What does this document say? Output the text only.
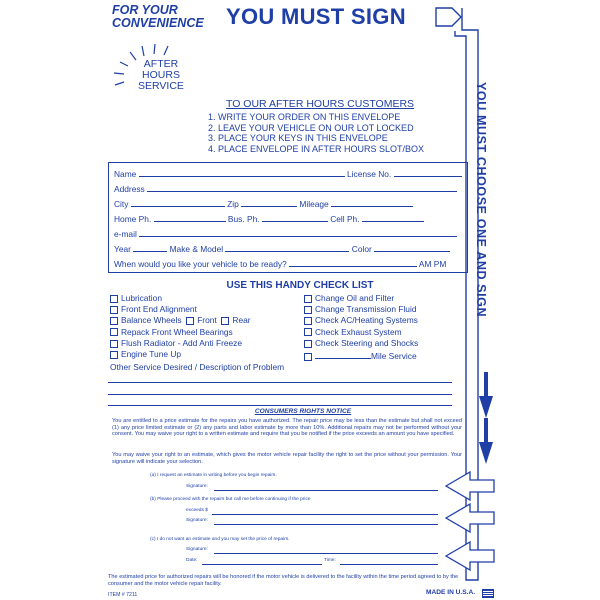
FOR YOUR
CONVENIENCE	YOU MUST SIGN
AFTER
HOURS
SERVICE
TO OUR AFTER HOURS CUSTOMERS
1. WRITE YOUR ORDER ON THIS ENVELOPE
2. LEAVE YOUR VEHICLE ON OUR LOT LOCKED
3. PLACE YOUR KEYS IN THIS ENVELOPE
4. PLACE ENVELOPE IN AFTER HOURS SLOT/BOX
Name	License No.
Address
City	Zip	Mileage
Home Ph.	Bus. Ph.	Cell Ph.
e-mail
Year	Make & Model	Color
When would you like your vehicle to be ready?	AM PM
USE THIS HANDY CHECK LIST
Lubrication
Front End Alignment
Balance Wheels Front Rear
Repack Front Wheel Bearings
Flush Radiator - Add Anti Freeze
Engine Tune Up
Change Oil and Filter
Change Transmission Fluid
Check AC/Heating Systems
Check Exhaust System
Check Steering and Shocks
Mile Service
Other Service Desired / Description of Problem
CONSUMERS RIGHTS NOTICE
You are entitled to a price estimate for the repairs you have authorized. The repair price may be less than the estimate but shall not exceed (1) any price limited estimate or (2) any parts and labor estimate by more than 10%. Additional repairs may not be performed without your consent. You may waive your right to a written estimate and require that you be notified if the price exceeds an amount you have specified.
You may waive your right to an estimate, which gives the motor vehicle repair facility the right to set the price without your permission. Your signature will indicate your selection.
(a) I request an estimate in writing before you begin repairs.
Signature:
(b) Please proceed with the repairs but call me before continuing if the price
exceeds $
Signature:
(c) I do not want an estimate and you may set the price of repairs.
Signature:
Date:	Time:
YOU MUST CHOOSE ONE AND SIGN
The estimated price for authorized repairs will be honored if the motor vehicle is delivered to the facility within the time period agreed to by the consumer and the motor vehicle repair facility.
ITEM # 7211	MADE IN U.S.A.
